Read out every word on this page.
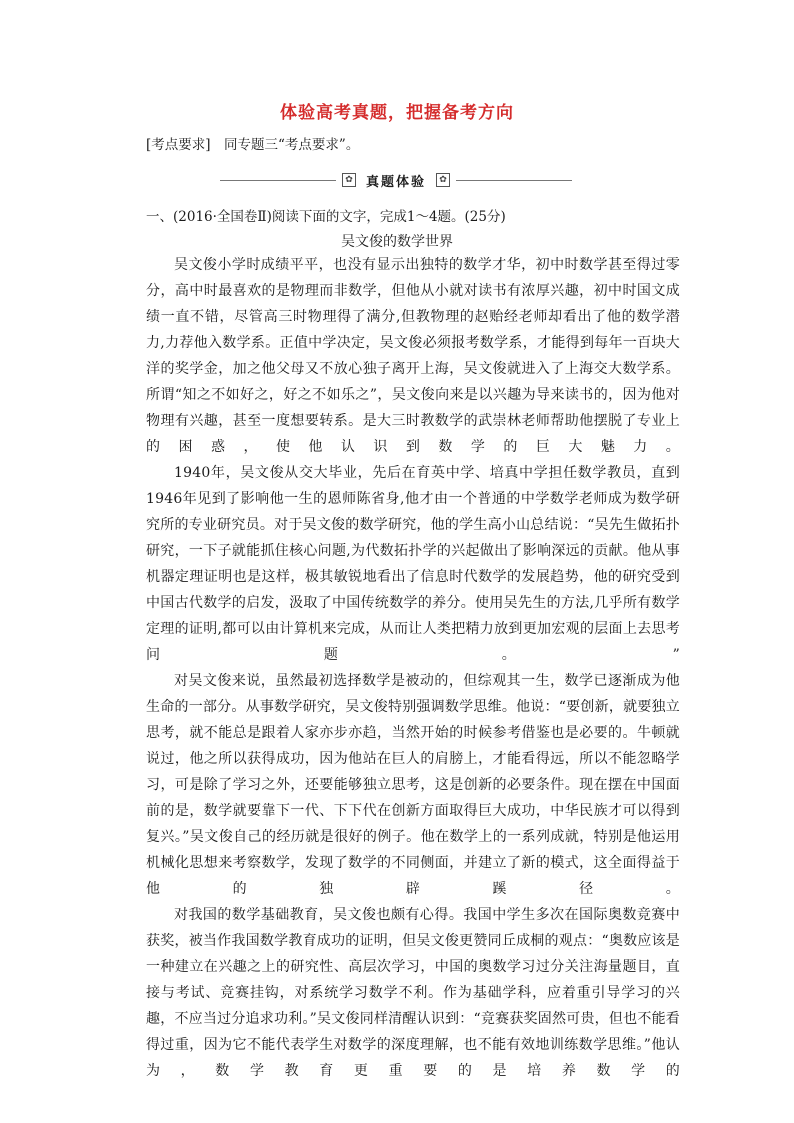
体验高考真题，把握备考方向
[考点要求]　同专题三“考点要求”。
✿	真题体验	✿
一、(2016·全国卷Ⅱ)阅读下面的文字，完成1～4题。(25分)
吴文俊的数学世界

吴文俊小学时成绩平平，也没有显示出独特的数学才华，初中时数学甚至得过零分，高中时最喜欢的是物理而非数学，但他从小就对读书有浓厚兴趣，初中时国文成绩一直不错，尽管高三时物理得了满分,但教物理的赵贻经老师却看出了他的数学潜力,力荐他入数学系。正值中学决定，吴文俊必须报考数学系，才能得到每年一百块大洋的奖学金，加之他父母又不放心独子离开上海，吴文俊就进入了上海交大数学系。所谓“知之不如好之，好之不如乐之”，吴文俊向来是以兴趣为导来读书的，因为他对物理有兴趣，甚至一度想要转系。是大三时教数学的武崇林老师帮助他摆脱了专业上的困惑，使他认识到数学的巨大魅力。

1940年，吴文俊从交大毕业，先后在育英中学、培真中学担任数学教员，直到1946年见到了影响他一生的恩师陈省身,他才由一个普通的中学数学老师成为数学研究所的专业研究员。对于吴文俊的数学研究，他的学生高小山总结说：“吴先生做拓扑研究，一下子就能抓住核心问题,为代数拓扑学的兴起做出了影响深远的贡献。他从事机器定理证明也是这样，极其敏锐地看出了信息时代数学的发展趋势，他的研究受到中国古代数学的启发，汲取了中国传统数学的养分。使用吴先生的方法,几乎所有数学定理的证明,都可以由计算机来完成，从而让人类把精力放到更加宏观的层面上去思考问题。”

对吴文俊来说，虽然最初选择数学是被动的，但综观其一生，数学已逐渐成为他生命的一部分。从事数学研究，吴文俊特别强调数学思维。他说：“要创新，就要独立思考，就不能总是跟着人家亦步亦趋，当然开始的时候参考借鉴也是必要的。牛顿就说过，他之所以获得成功，因为他站在巨人的肩膀上，才能看得远，所以不能忽略学习，可是除了学习之外，还要能够独立思考，这是创新的必要条件。现在摆在中国面前的是，数学就要靠下一代、下下代在创新方面取得巨大成功，中华民族才可以得到复兴。”吴文俊自己的经历就是很好的例子。他在数学上的一系列成就，特别是他运用机械化思想来考察数学，发现了数学的不同侧面，并建立了新的模式，这全面得益于他的独辟蹊径。

对我国的数学基础教育，吴文俊也颇有心得。我国中学生多次在国际奥数竞赛中获奖，被当作我国数学教育成功的证明，但吴文俊更赞同丘成桐的观点：“奥数应该是一种建立在兴趣之上的研究性、高层次学习，中国的奥数学习过分关注海量题目，直接与考试、竞赛挂钩，对系统学习数学不利。作为基础学科，应着重引导学习的兴趣，不应当过分追求功利。”吴文俊同样清醒认识到：“竞赛获奖固然可贵，但也不能看得过重，因为它不能代表学生对数学的深度理解，也不能有效地训练数学思维。”他认为，数学教育更重要的是培养数学的
